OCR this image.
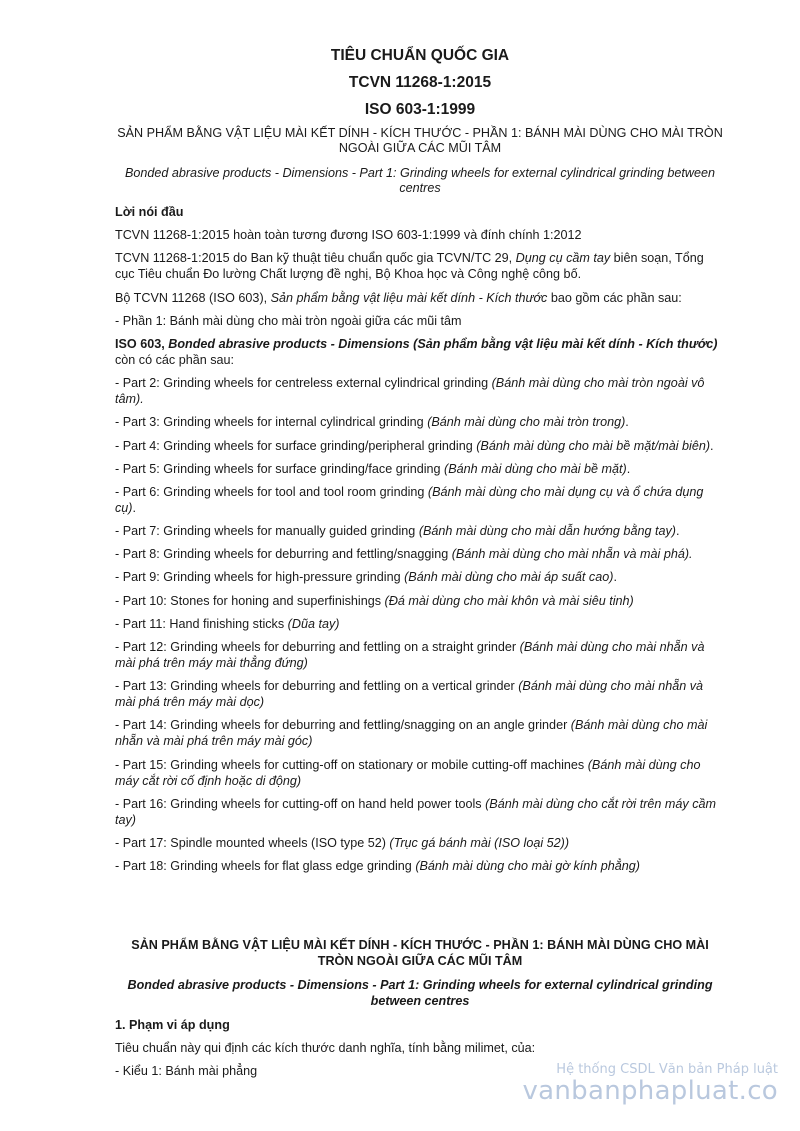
TIÊU CHUẨN QUỐC GIA
TCVN 11268-1:2015
ISO 603-1:1999
SẢN PHẨM BẰNG VẬT LIỆU MÀI KẾT DÍNH - KÍCH THƯỚC - PHẦN 1: BÁNH MÀI DÙNG CHO MÀI TRÒN NGOÀI GIỮA CÁC MŨI TÂM
Bonded abrasive products - Dimensions - Part 1: Grinding wheels for external cylindrical grinding between centres

Lời nói đầu

TCVN 11268-1:2015 hoàn toàn tương đương ISO 603-1:1999 và đính chính 1:2012

TCVN 11268-1:2015 do Ban kỹ thuật tiêu chuẩn quốc gia TCVN/TC 29, Dụng cụ cầm tay biên soạn, Tổng cục Tiêu chuẩn Đo lường Chất lượng đề nghị, Bộ Khoa học và Công nghệ công bố.

Bộ TCVN 11268 (ISO 603), Sản phẩm bằng vật liệu mài kết dính - Kích thước bao gồm các phần sau:

- Phần 1: Bánh mài dùng cho mài tròn ngoài giữa các mũi tâm

ISO 603, Bonded abrasive products - Dimensions (Sản phẩm bằng vật liệu mài kết dính - Kích thước) còn có các phần sau:

- Part 2: Grinding wheels for centreless external cylindrical grinding (Bánh mài dùng cho mài tròn ngoài vô tâm).

- Part 3: Grinding wheels for internal cylindrical grinding (Bánh mài dùng cho mài tròn trong).

- Part 4: Grinding wheels for surface grinding/peripheral grinding (Bánh mài dùng cho mài bề mặt/mài biên).

- Part 5: Grinding wheels for surface grinding/face grinding (Bánh mài dùng cho mài bề mặt).

- Part 6: Grinding wheels for tool and tool room grinding (Bánh mài dùng cho mài dụng cụ và ổ chứa dụng cụ).

- Part 7: Grinding wheels for manually guided grinding (Bánh mài dùng cho mài dẫn hướng bằng tay).

- Part 8: Grinding wheels for deburring and fettling/snagging (Bánh mài dùng cho mài nhẵn và mài phá).

- Part 9: Grinding wheels for high-pressure grinding (Bánh mài dùng cho mài áp suất cao).

- Part 10: Stones for honing and superfinishings (Đá mài dùng cho mài khôn và mài siêu tinh)

- Part 11: Hand finishing sticks (Dũa tay)

- Part 12: Grinding wheels for deburring and fettling on a straight grinder (Bánh mài dùng cho mài nhẵn và mài phá trên máy mài thẳng đứng)

- Part 13: Grinding wheels for deburring and fettling on a vertical grinder (Bánh mài dùng cho mài nhẵn và mài phá trên máy mài dọc)

- Part 14: Grinding wheels for deburring and fettling/snagging on an angle grinder (Bánh mài dùng cho mài nhẵn và mài phá trên máy mài góc)

- Part 15: Grinding wheels for cutting-off on stationary or mobile cutting-off machines (Bánh mài dùng cho máy cắt rời cố định hoặc di động)

- Part 16: Grinding wheels for cutting-off on hand held power tools (Bánh mài dùng cho cắt rời trên máy cầm tay)

- Part 17: Spindle mounted wheels (ISO type 52) (Trục gá bánh mài (ISO loại 52))

- Part 18: Grinding wheels for flat glass edge grinding (Bánh mài dùng cho mài gờ kính phẳng)

SẢN PHẨM BẰNG VẬT LIỆU MÀI KẾT DÍNH - KÍCH THƯỚC - PHẦN 1: BÁNH MÀI DÙNG CHO MÀI TRÒN NGOÀI GIỮA CÁC MŨI TÂM

Bonded abrasive products - Dimensions - Part 1: Grinding wheels for external cylindrical grinding between centres

1. Phạm vi áp dụng

Tiêu chuẩn này qui định các kích thước danh nghĩa, tính bằng milimet, của:

- Kiểu 1: Bánh mài phẳng	Hệ thống CSDL Văn bản Pháp luật
vanbanphapluat.co
